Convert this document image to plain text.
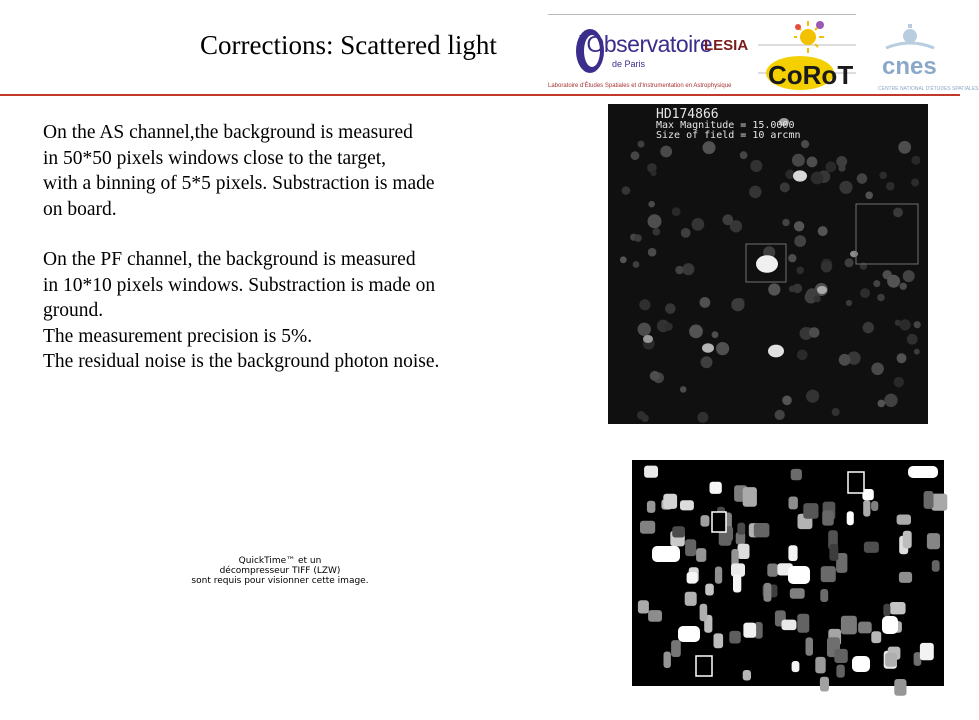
Corrections: Scattered light	l'Observatoire
de Paris
LESIA
Laboratoire d'Études Spatiales et d'Instrumentation en Astrophysique	CoRoT cnes
CENTRE NATIONAL D'ÉTUDES SPATIALES

On the AS channel,the background is measured

in 50*50 pixels windows close to the target,

with a binning of 5*5 pixels. Substraction is made

on board.

On the PF channel, the background is measured

in 10*10 pixels windows. Substraction is made on

ground.

The measurement precision is 5%.

The residual noise is the background photon noise.

HD174866
Max Magnitude = 15.0000
Size of field = 10 arcmn

QuickTime™ et un

décompresseur TIFF (LZW)

sont requis pour visionner cette image.
